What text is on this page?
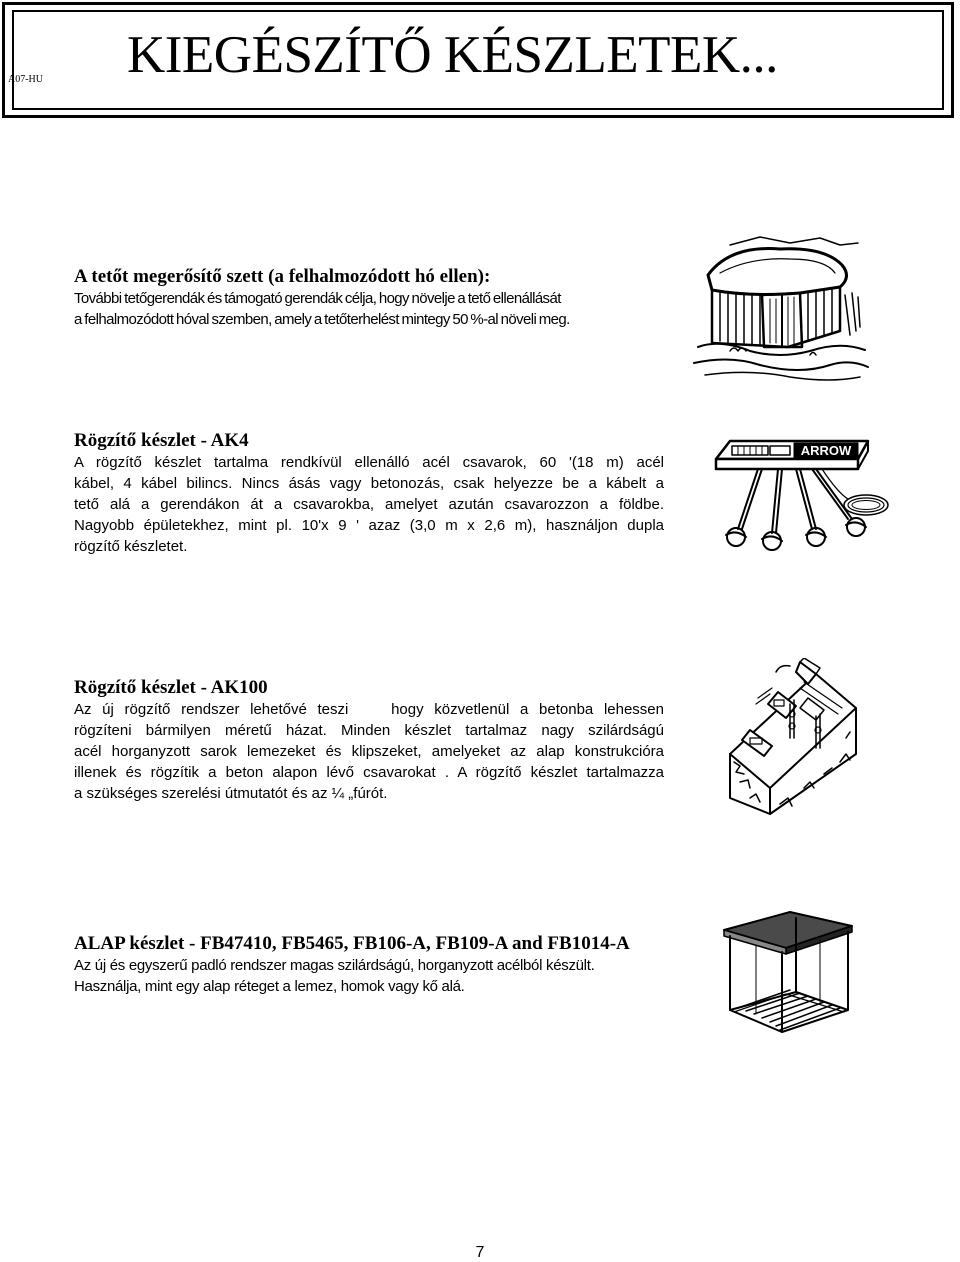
A07-HU KIEGÉSZÍTŐ KÉSZLETEK...
A tetőt megerősítő szett (a felhalmozódott hó ellen):

További tetőgerendák és támogató gerendák célja, hogy növelje a tető ellenállását
a felhalmozódott hóval szemben, amely a tetőterhelést mintegy 50 %-al növeli meg.

Rögzítő készlet - AK4

A rögzítő készlet tartalma rendkívül ellenálló acél csavarok, 60 '(18 m) acél
kábel, 4 kábel bilincs. Nincs ásás vagy betonozás, csak helyezze be a kábelt a
tető alá a gerendákon át a csavarokba, amelyet azután csavarozzon a földbe.
Nagyobb épületekhez, mint pl. 10'x 9 ' azaz (3,0 m x 2,6 m), használjon dupla
rögzítő készletet.

Rögzítő készlet - AK100

Az új rögzítő rendszer lehetővé teszi    hogy közvetlenül a betonba lehessen
rögzíteni bármilyen méretű házat. Minden készlet tartalmaz nagy szilárdságú
acél horganyzott sarok lemezeket és klipszeket, amelyeket az alap konstrukcióra
illenek és rögzítik a beton alapon lévő csavarokat . A rögzítő készlet tartalmazza
a szükséges szerelési útmutatót és az ¼ „fúrót.

ALAP készlet - FB47410, FB5465, FB106-A, FB109-A and FB1014-A

Az új és egyszerű padló rendszer magas szilárdságú, horganyzott acélból készült.
Használja, mint egy alap réteget a lemez, homok vagy kő alá.

ARROW
7
